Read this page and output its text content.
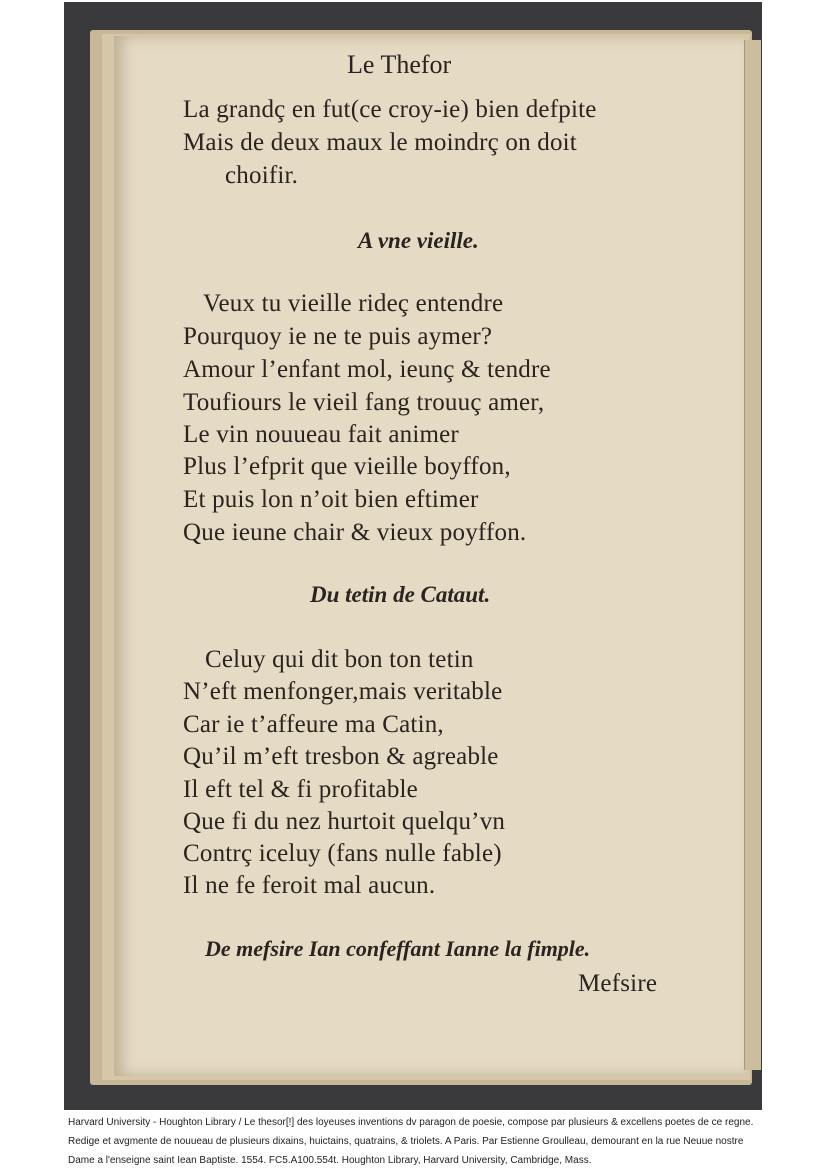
Le Thefor
La grandç en fut(ce croy-ie) bien defpite
Mais de deux maux le moindrç on doit
choifir.
A vne vieille.
Veux tu vieille rideç entendre
Pourquoy ie ne te puis aymer?
Amour l’enfant mol, ieunç & tendre
Toufiours le vieil fang trouuç amer,
Le vin nouueau fait animer
Plus l’efprit que vieille boyffon,
Et puis lon n’oit bien eftimer
Que ieune chair & vieux poyffon.
Du tetin de Cataut.
Celuy qui dit bon ton tetin
N’eft menfonger,mais veritable
Car ie t’affeure ma Catin,
Qu’il m’eft tresbon & agreable
Il eft tel & fi profitable
Que fi du nez hurtoit quelqu’vn
Contrç iceluy (fans nulle fable)
Il ne fe feroit mal aucun.
De mefsire Ian confeffant Ianne la fimple.
Mefsire
Harvard University - Houghton Library / Le thesor[!] des loyeuses inventions dv paragon de poesie, compose par plusieurs & excellens poetes de ce regne. Redige et avgmente de nouueau de plusieurs dixains, huictains, quatrains, & triolets. A Paris. Par Estienne Groulleau, demourant en la rue Neuue nostre Dame a l'enseigne saint Iean Baptiste. 1554. FC5.A100.554t. Houghton Library, Harvard University, Cambridge, Mass.
